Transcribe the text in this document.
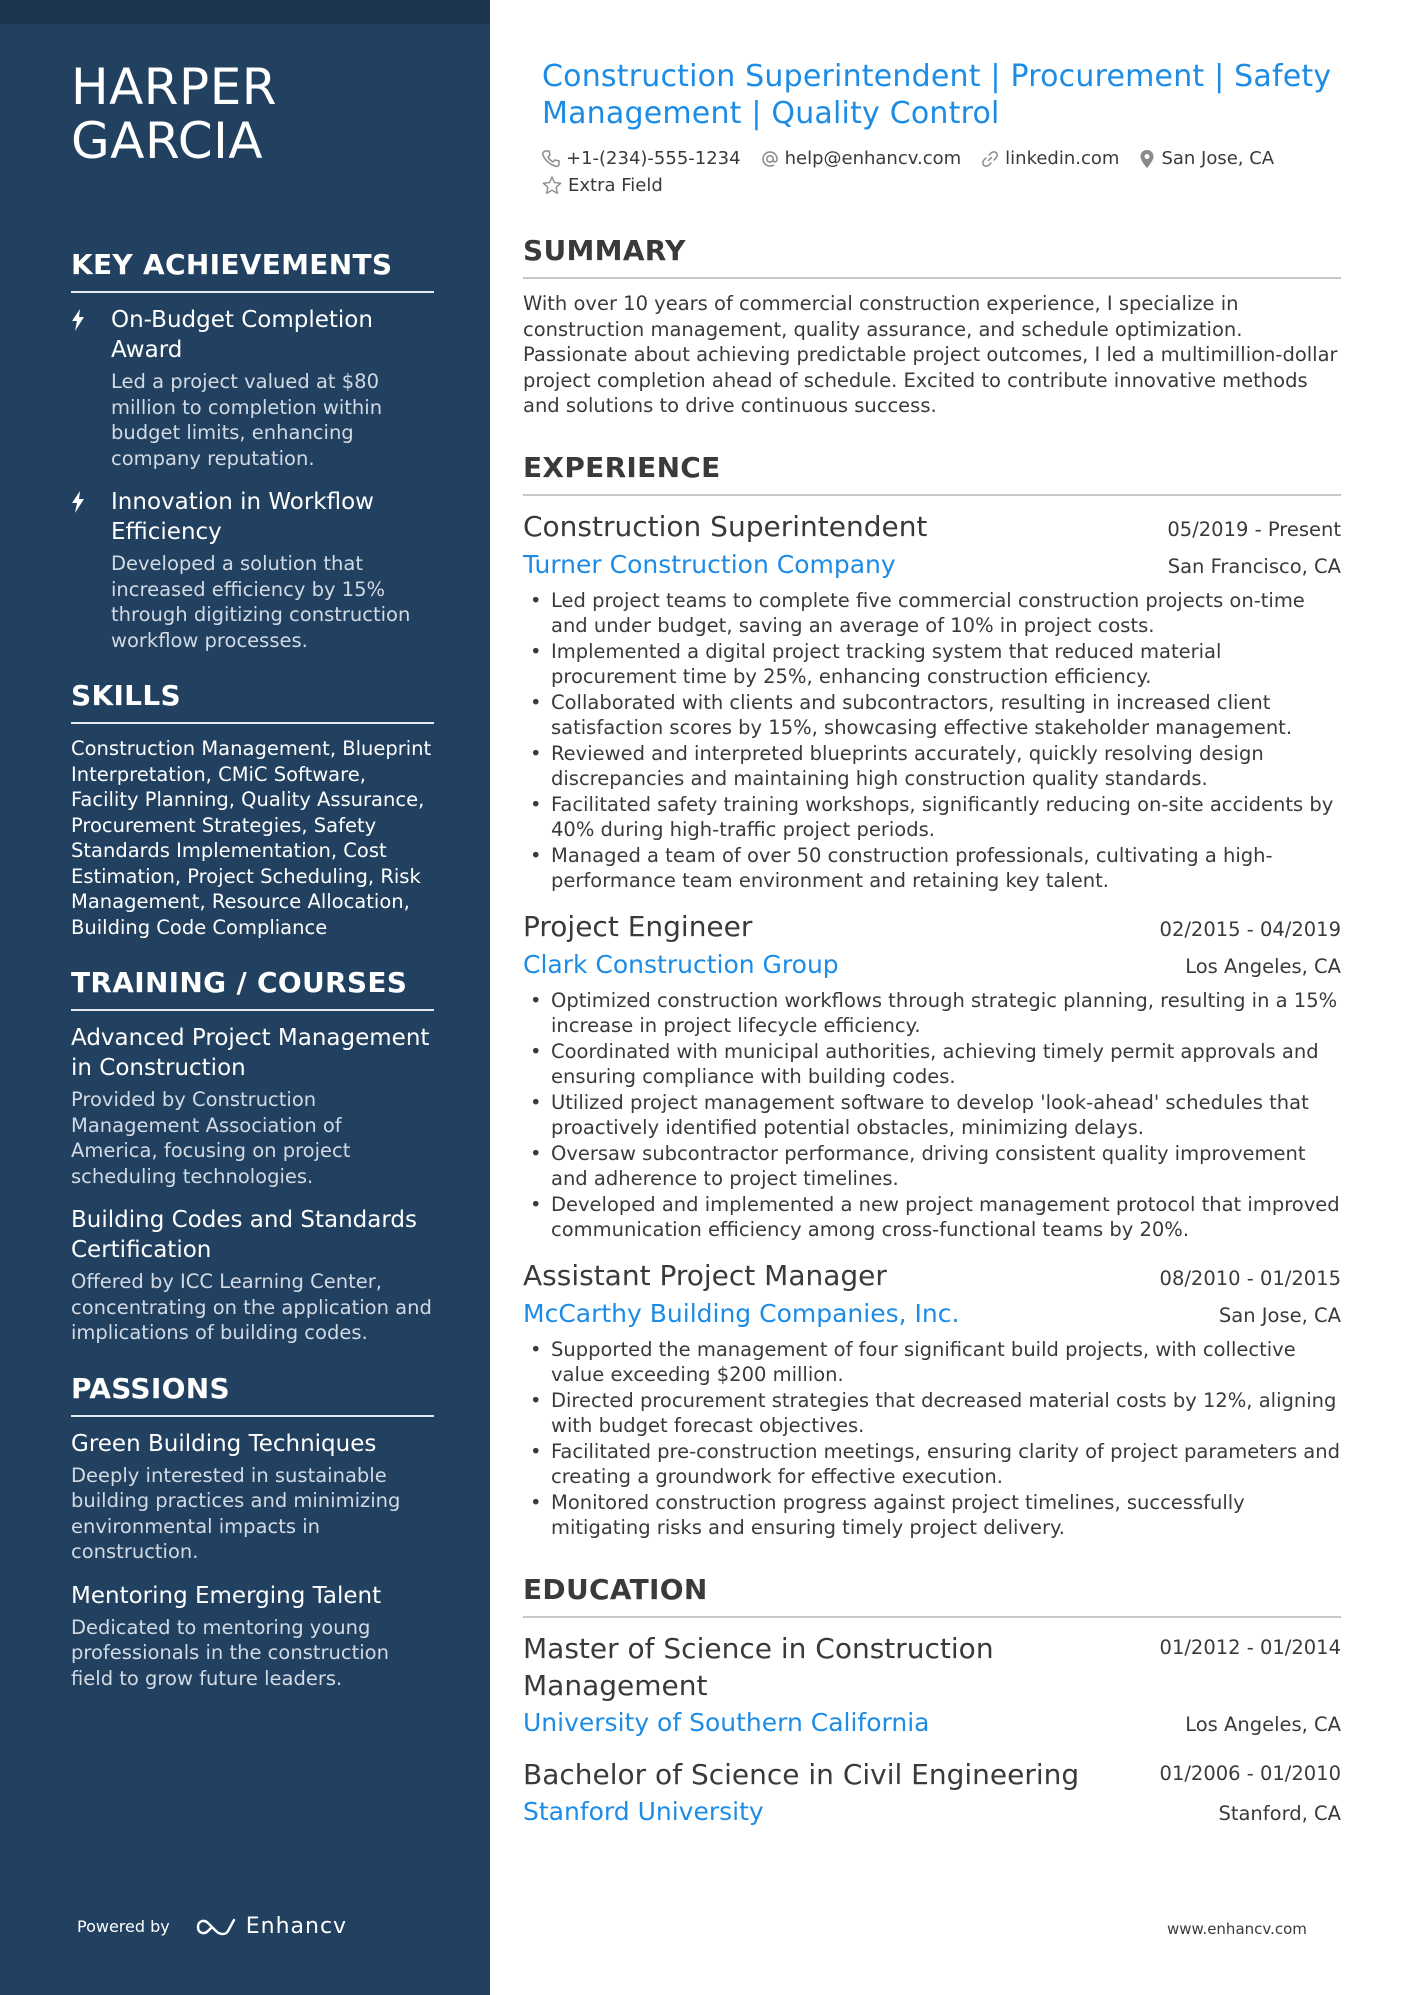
HARPER
GARCIA
KEY ACHIEVEMENTS
On-Budget Completion Award
Led a project valued at $80 million to completion within budget limits, enhancing company reputation.
Innovation in Workflow Efficiency
Developed a solution that increased efficiency by 15% through digitizing construction workflow processes.
SKILLS

Construction Management, Blueprint Interpretation, CMiC Software, Facility Planning, Quality Assurance, Procurement Strategies, Safety Standards Implementation, Cost Estimation, Project Scheduling, Risk Management, Resource Allocation, Building Code Compliance

TRAINING / COURSES
Advanced Project Management in Construction
Provided by Construction Management Association of America, focusing on project scheduling technologies.
Building Codes and Standards Certification
Offered by ICC Learning Center, concentrating on the application and implications of building codes.
PASSIONS
Green Building Techniques
Deeply interested in sustainable building practices and minimizing environmental impacts in construction.
Mentoring Emerging Talent
Dedicated to mentoring young professionals in the construction field to grow future leaders.
Powered by	Enhancv
Construction Superintendent | Procurement | Safety Management | Quality Control
+1-(234)-555-1234 help@enhancv.com linkedin.com San Jose, CA
Extra Field
SUMMARY

With over 10 years of commercial construction experience, I specialize in construction management, quality assurance, and schedule optimization. Passionate about achieving predictable project outcomes, I led a multimillion-dollar project completion ahead of schedule. Excited to contribute innovative methods and solutions to drive continuous success.

EXPERIENCE
Construction Superintendent	05/2019 - Present
Turner Construction Company	San Francisco, CA
• Led project teams to complete five commercial construction projects on-time and under budget, saving an average of 10% in project costs.
• Implemented a digital project tracking system that reduced material procurement time by 25%, enhancing construction efficiency.
• Collaborated with clients and subcontractors, resulting in increased client satisfaction scores by 15%, showcasing effective stakeholder management.
• Reviewed and interpreted blueprints accurately, quickly resolving design discrepancies and maintaining high construction quality standards.
• Facilitated safety training workshops, significantly reducing on-site accidents by 40% during high-traffic project periods.
• Managed a team of over 50 construction professionals, cultivating a high-performance team environment and retaining key talent.
Project Engineer	02/2015 - 04/2019
Clark Construction Group	Los Angeles, CA
• Optimized construction workflows through strategic planning, resulting in a 15% increase in project lifecycle efficiency.
• Coordinated with municipal authorities, achieving timely permit approvals and ensuring compliance with building codes.
• Utilized project management software to develop 'look-ahead' schedules that proactively identified potential obstacles, minimizing delays.
• Oversaw subcontractor performance, driving consistent quality improvement and adherence to project timelines.
• Developed and implemented a new project management protocol that improved communication efficiency among cross-functional teams by 20%.
Assistant Project Manager	08/2010 - 01/2015
McCarthy Building Companies, Inc.	San Jose, CA
• Supported the management of four significant build projects, with collective value exceeding $200 million.
• Directed procurement strategies that decreased material costs by 12%, aligning with budget forecast objectives.
• Facilitated pre-construction meetings, ensuring clarity of project parameters and creating a groundwork for effective execution.
• Monitored construction progress against project timelines, successfully mitigating risks and ensuring timely project delivery.
EDUCATION
Master of Science in Construction Management
01/2012 - 01/2014
University of Southern California	Los Angeles, CA
Bachelor of Science in Civil Engineering	01/2006 - 01/2010
Stanford University	Stanford, CA
www.enhancv.com
